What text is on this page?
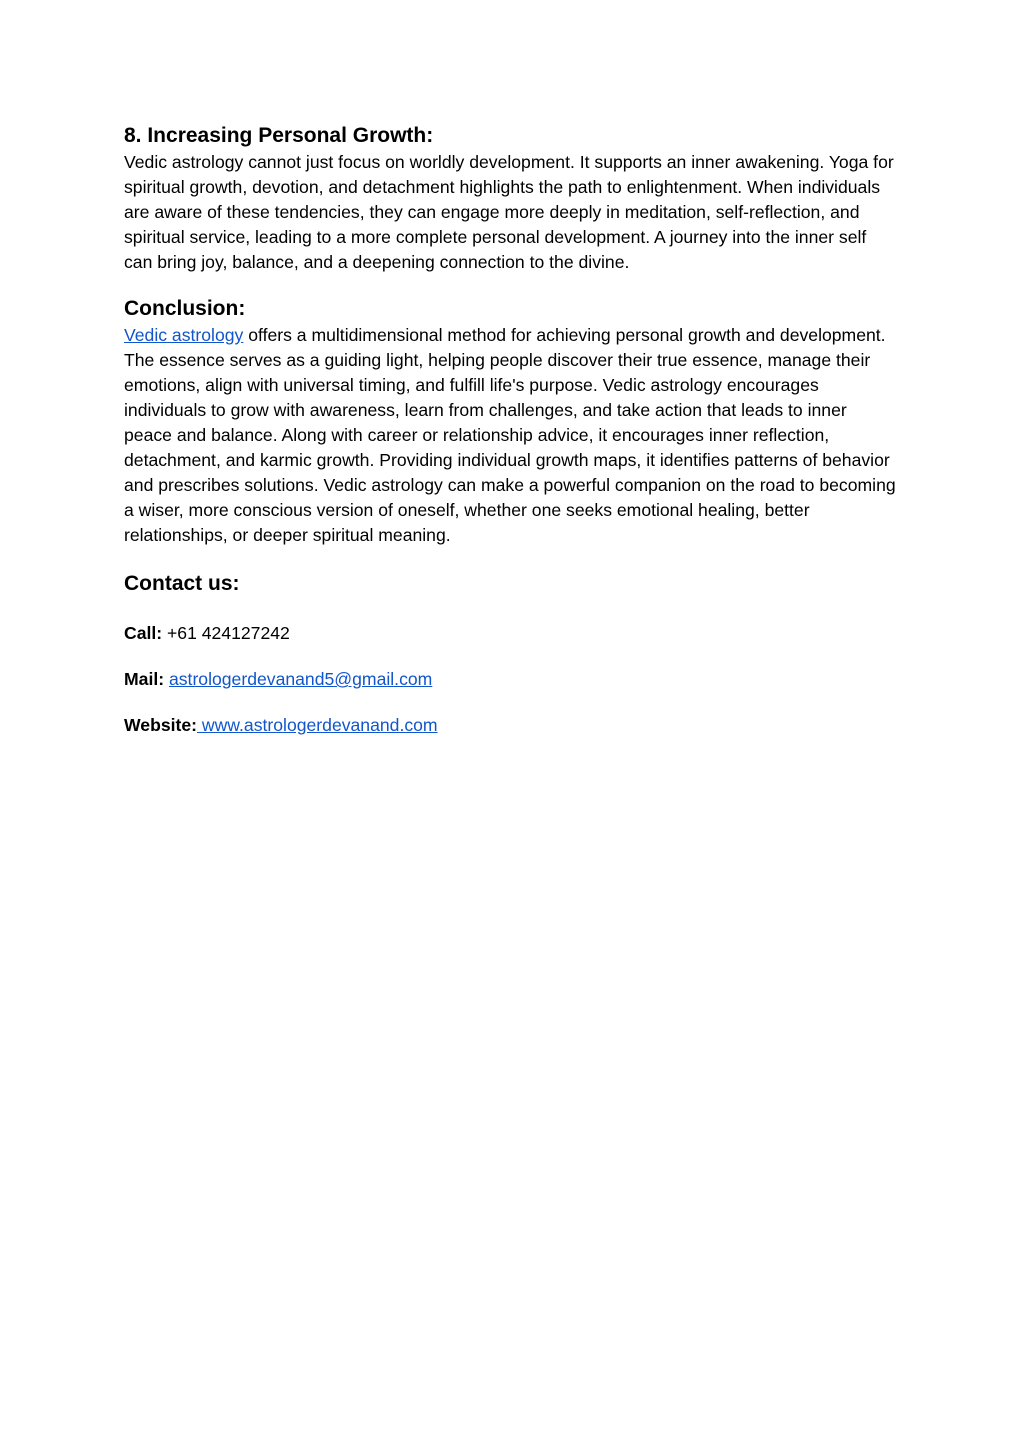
8. Increasing Personal Growth:

Vedic astrology cannot just focus on worldly development. It supports an inner awakening. Yoga for spiritual growth, devotion, and detachment highlights the path to enlightenment. When individuals are aware of these tendencies, they can engage more deeply in meditation, self-reflection, and spiritual service, leading to a more complete personal development. A journey into the inner self can bring joy, balance, and a deepening connection to the divine.

Conclusion:

Vedic astrology offers a multidimensional method for achieving personal growth and development. The essence serves as a guiding light, helping people discover their true essence, manage their emotions, align with universal timing, and fulfill life's purpose. Vedic astrology encourages individuals to grow with awareness, learn from challenges, and take action that leads to inner peace and balance. Along with career or relationship advice, it encourages inner reflection, detachment, and karmic growth. Providing individual growth maps, it identifies patterns of behavior and prescribes solutions. Vedic astrology can make a powerful companion on the road to becoming a wiser, more conscious version of oneself, whether one seeks emotional healing, better relationships, or deeper spiritual meaning.

Contact us:

Call: +61 424127242

Mail: astrologerdevanand5@gmail.com

Website: www.astrologerdevanand.com
